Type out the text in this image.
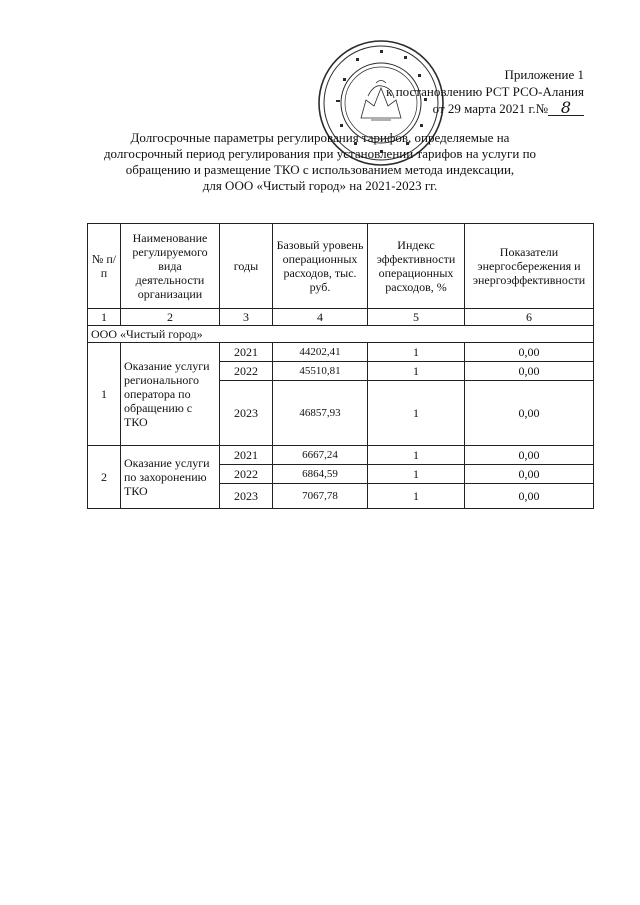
Приложение 1
к постановлению РСТ РСО-Алания
от 29 марта 2021 г.№ 8
Долгосрочные параметры регулирования тарифов, определяемые на
долгосрочный период регулирования при установлении тарифов на услуги по
обращению и размещение ТКО с использованием метода индексации,
для ООО «Чистый город» на 2021-2023 гг.
№ п/п	Наименование регулируемого вида деятельности организации	годы	Базовый уровень операционных расходов, тыс. руб.	Индекс эффективности операционных расходов, %	Показатели энергосбережения и энергоэффективности
1	2	3	4	5	6
ООО «Чистый город»					
1	Оказание услуги регионального оператора по обращению с ТКО	2021	44202,41	1	0,00
		2022	45510,81	1	0,00
		2023	46857,93	1	0,00
2	Оказание услуги по захоронению ТКО	2021	6667,24	1	0,00
		2022	6864,59	1	0,00
		2023	7067,78	1	0,00
